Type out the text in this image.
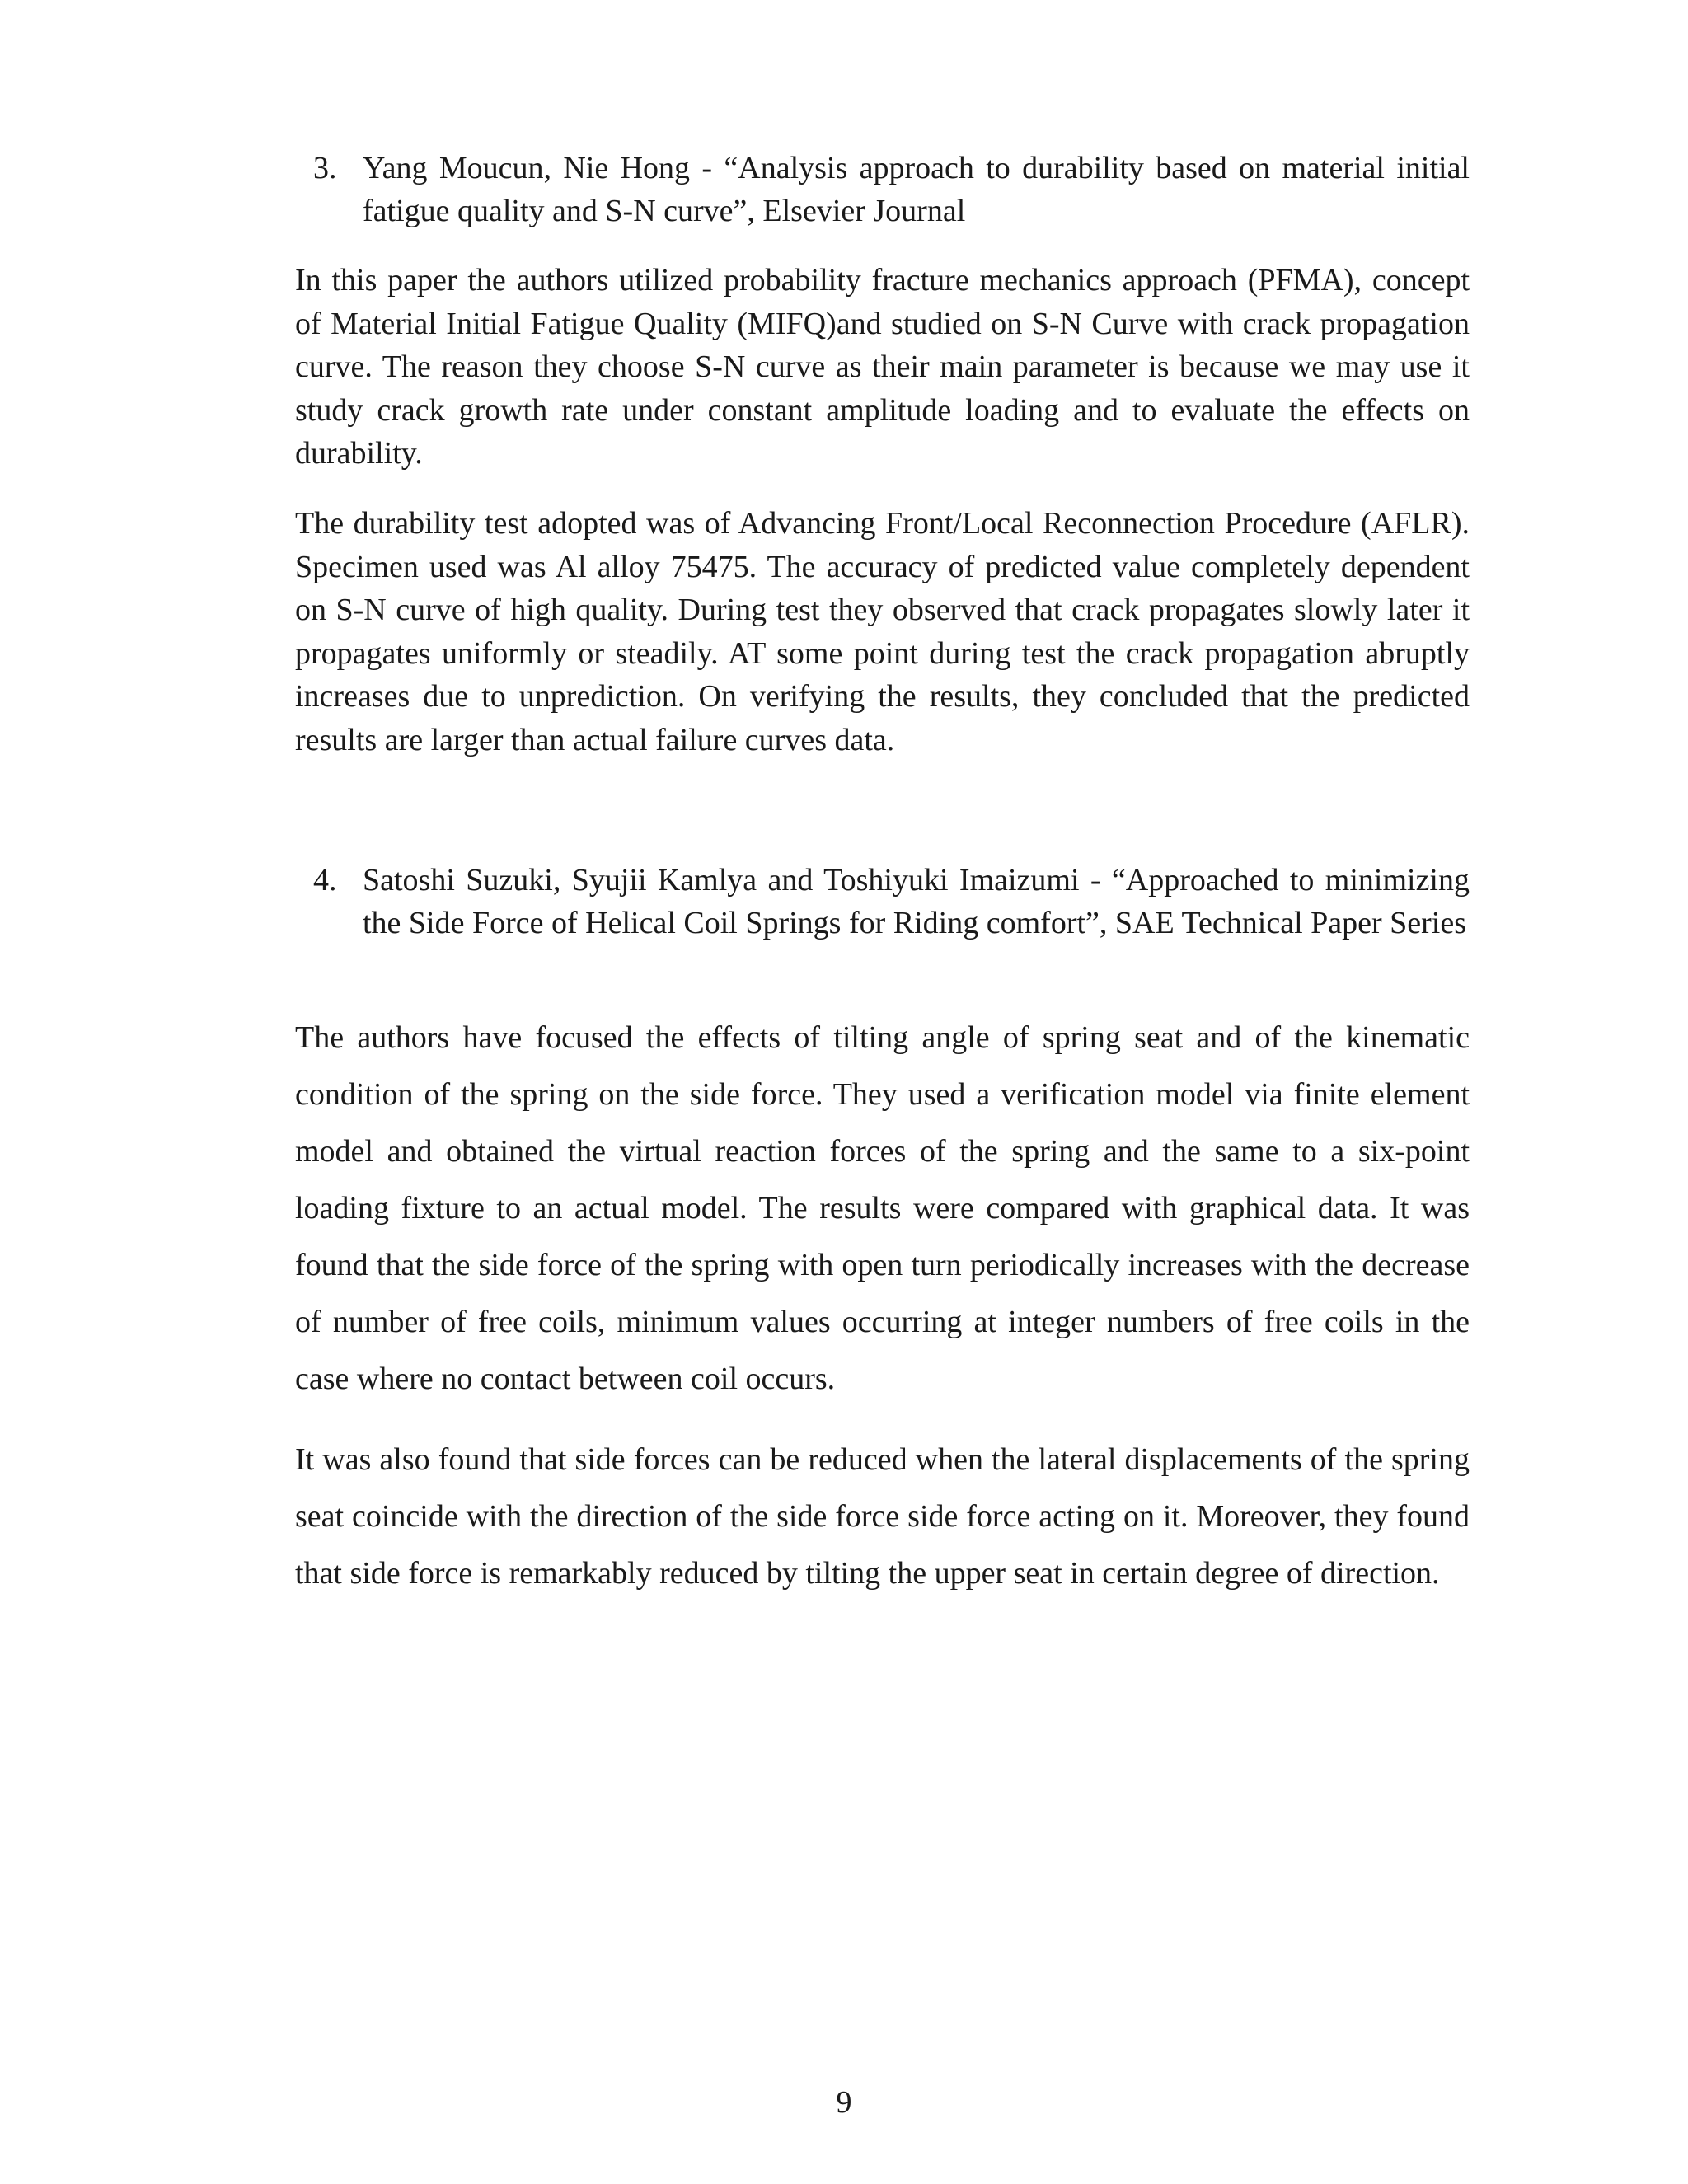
3. Yang Moucun, Nie Hong - “Analysis approach to durability based on material initial fatigue quality and S-N curve”, Elsevier Journal

In this paper the authors utilized probability fracture mechanics approach (PFMA), concept of Material Initial Fatigue Quality (MIFQ)and studied on S-N Curve with crack propagation curve. The reason they choose S-N curve as their main parameter is because we may use it study crack growth rate under constant amplitude loading and to evaluate the effects on durability.

The durability test adopted was of Advancing Front/Local Reconnection Procedure (AFLR). Specimen used was Al alloy 75475. The accuracy of predicted value completely dependent on S-N curve of high quality. During test they observed that crack propagates slowly later it propagates uniformly or steadily. AT some point during test the crack propagation abruptly increases due to unprediction. On verifying the results, they concluded that the predicted results are larger than actual failure curves data.

4. Satoshi Suzuki, Syujii Kamlya and Toshiyuki Imaizumi - “Approached to minimizing the Side Force of Helical Coil Springs for Riding comfort”, SAE Technical Paper Series

The authors have focused the effects of tilting angle of spring seat and of the kinematic condition of the spring on the side force. They used a verification model via finite element model and obtained the virtual reaction forces of the spring and the same to a six-point loading fixture to an actual model. The results were compared with graphical data. It was found that the side force of the spring with open turn periodically increases with the decrease of number of free coils, minimum values occurring at integer numbers of free coils in the case where no contact between coil occurs.

It was also found that side forces can be reduced when the lateral displacements of the spring seat coincide with the direction of the side force side force acting on it. Moreover, they found that side force is remarkably reduced by tilting the upper seat in certain degree of direction.

9
